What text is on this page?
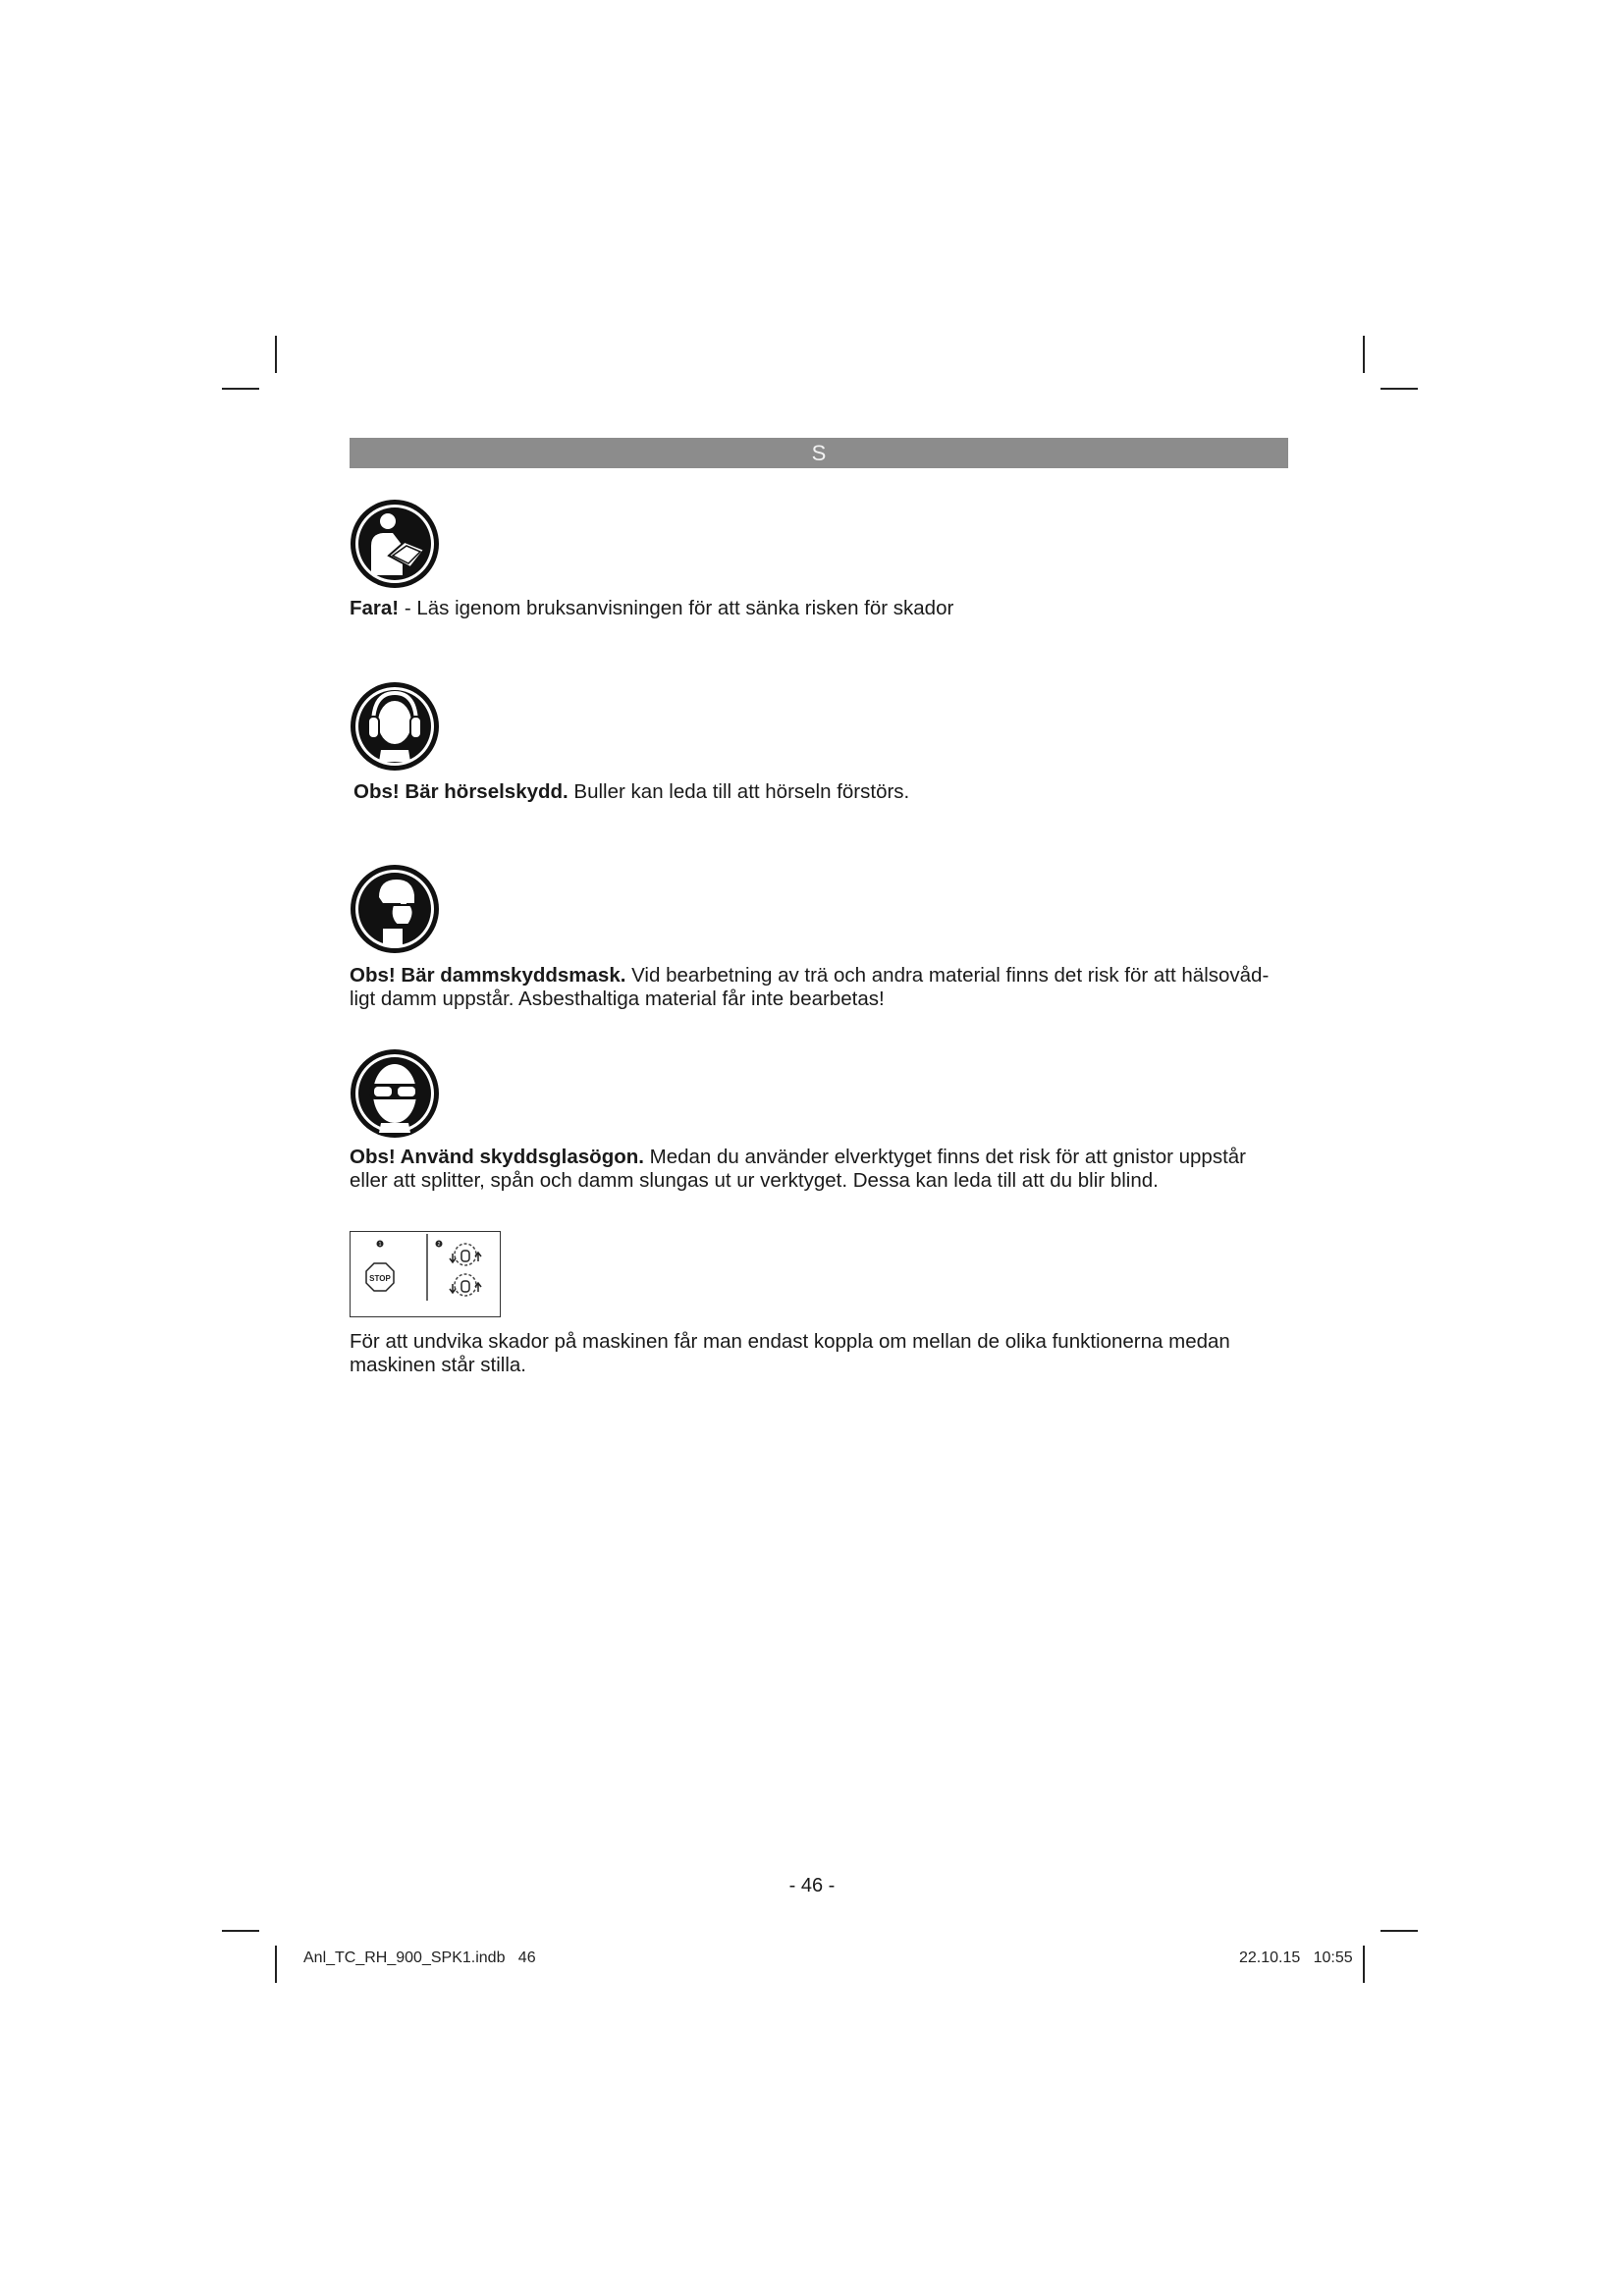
S
Fara! - Läs igenom bruksanvisningen för att sänka risken för skador
Obs! Bär hörselskydd. Buller kan leda till att hörseln förstörs.
Obs! Bär dammskyddsmask. Vid bearbetning av trä och andra material finns det risk för att hälsovåd-
ligt damm uppstår. Asbesthaltiga material får inte bearbetas!
Obs! Använd skyddsglasögon. Medan du använder elverktyget finns det risk för att gnistor uppstår
eller att splitter, spån och damm slungas ut ur verktyget. Dessa kan leda till att du blir blind.
1
STOP
2
För att undvika skador på maskinen får man endast koppla om mellan de olika funktionerna medan
maskinen står stilla.
- 46 -
Anl_TC_RH_900_SPK1.indb   46	22.10.15   10:55
